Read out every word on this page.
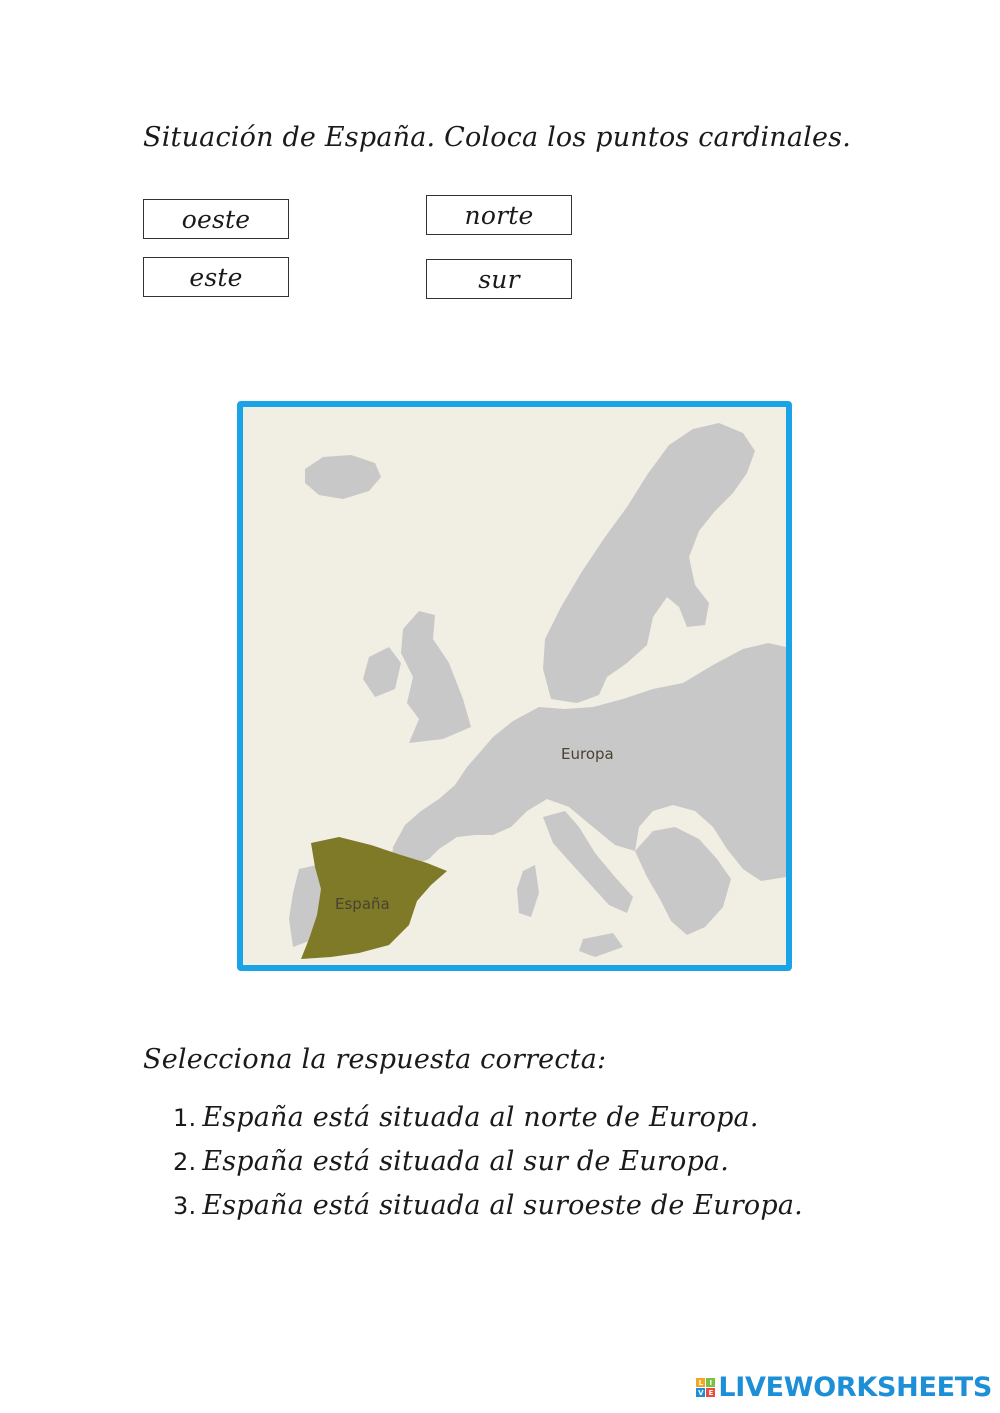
Situación de España. Coloca los puntos cardinales.
oeste
este
norte
sur
Europa
España
Selecciona la respuesta correcta:
1. España está situada al norte de Europa.
2. España está situada al sur de Europa.
3. España está situada al suroeste de Europa.
L I
V E LIVEWORKSHEETS
